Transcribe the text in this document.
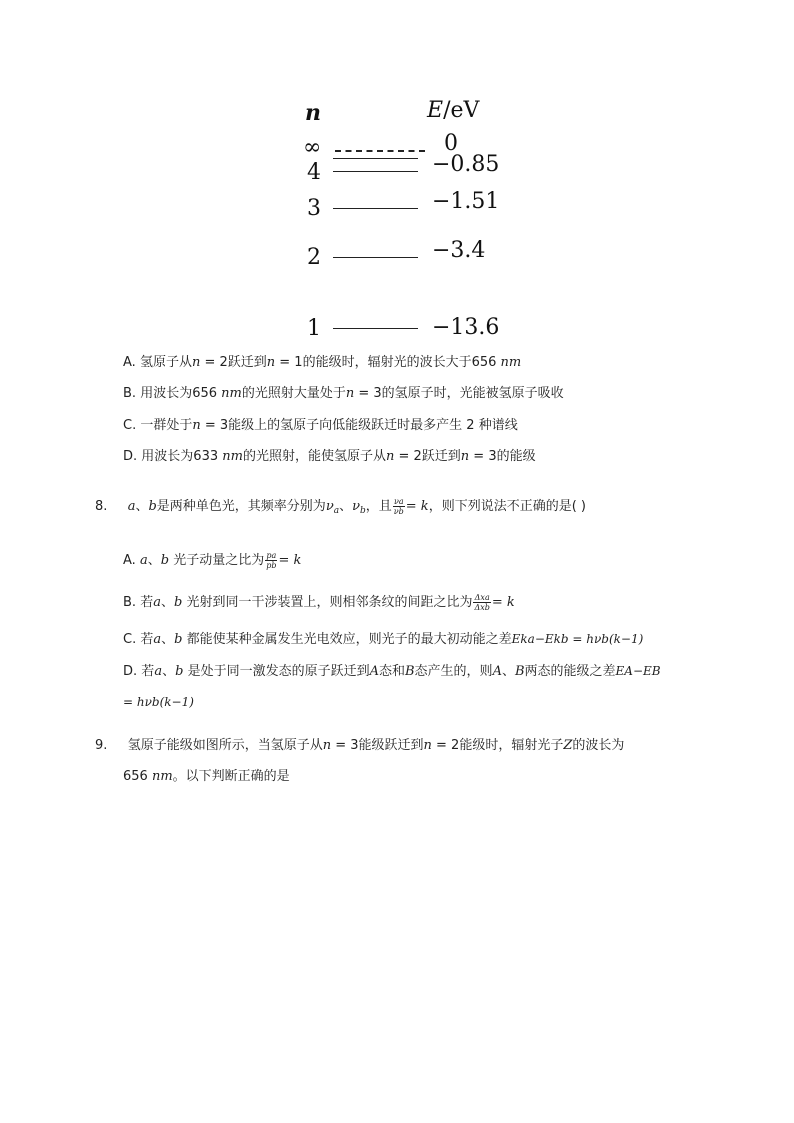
n	E/eV
∞	0
4	−0.85
3	−1.51
2	−3.4
1	−13.6
A. 氢原子从n = 2跃迁到n = 1的能级时，辐射光的波长大于656 nm
B. 用波长为656 nm的光照射大量处于n = 3的氢原子时，光能被氢原子吸收
C. 一群处于n = 3能级上的氢原子向低能级跃迁时最多产生 2 种谱线
D. 用波长为633 nm的光照射，能使氢原子从n = 2跃迁到n = 3的能级
8. a、b是两种单色光，其频率分别为$\nu_a$、$\nu_b$，且 $\frac{\nu a}{\nu b} = k$，则下列说法不正确的是( )
A. a、b 光子动量之比为 $\frac{pa}{pb} = k$
B. 若a、b 光射到同一干涉装置上，则相邻条纹的间距之比为 $\frac{\text{Δxa}}{\text{Δxb}} = k$
C. 若a、b 都能使某种金属发生光电效应，则光子的最大初动能之差Eka−Ekb = hνb(k−1)
D. 若a、b 是处于同一激发态的原子跃迁到A态和B态产生的，则A、B两态的能级之差EA−EB
= hνb(k−1)
9. 氢原子能级如图所示，当氢原子从n = 3能级跃迁到n = 2能级时，辐射光子Z的波长为
656 nm。以下判断正确的是
